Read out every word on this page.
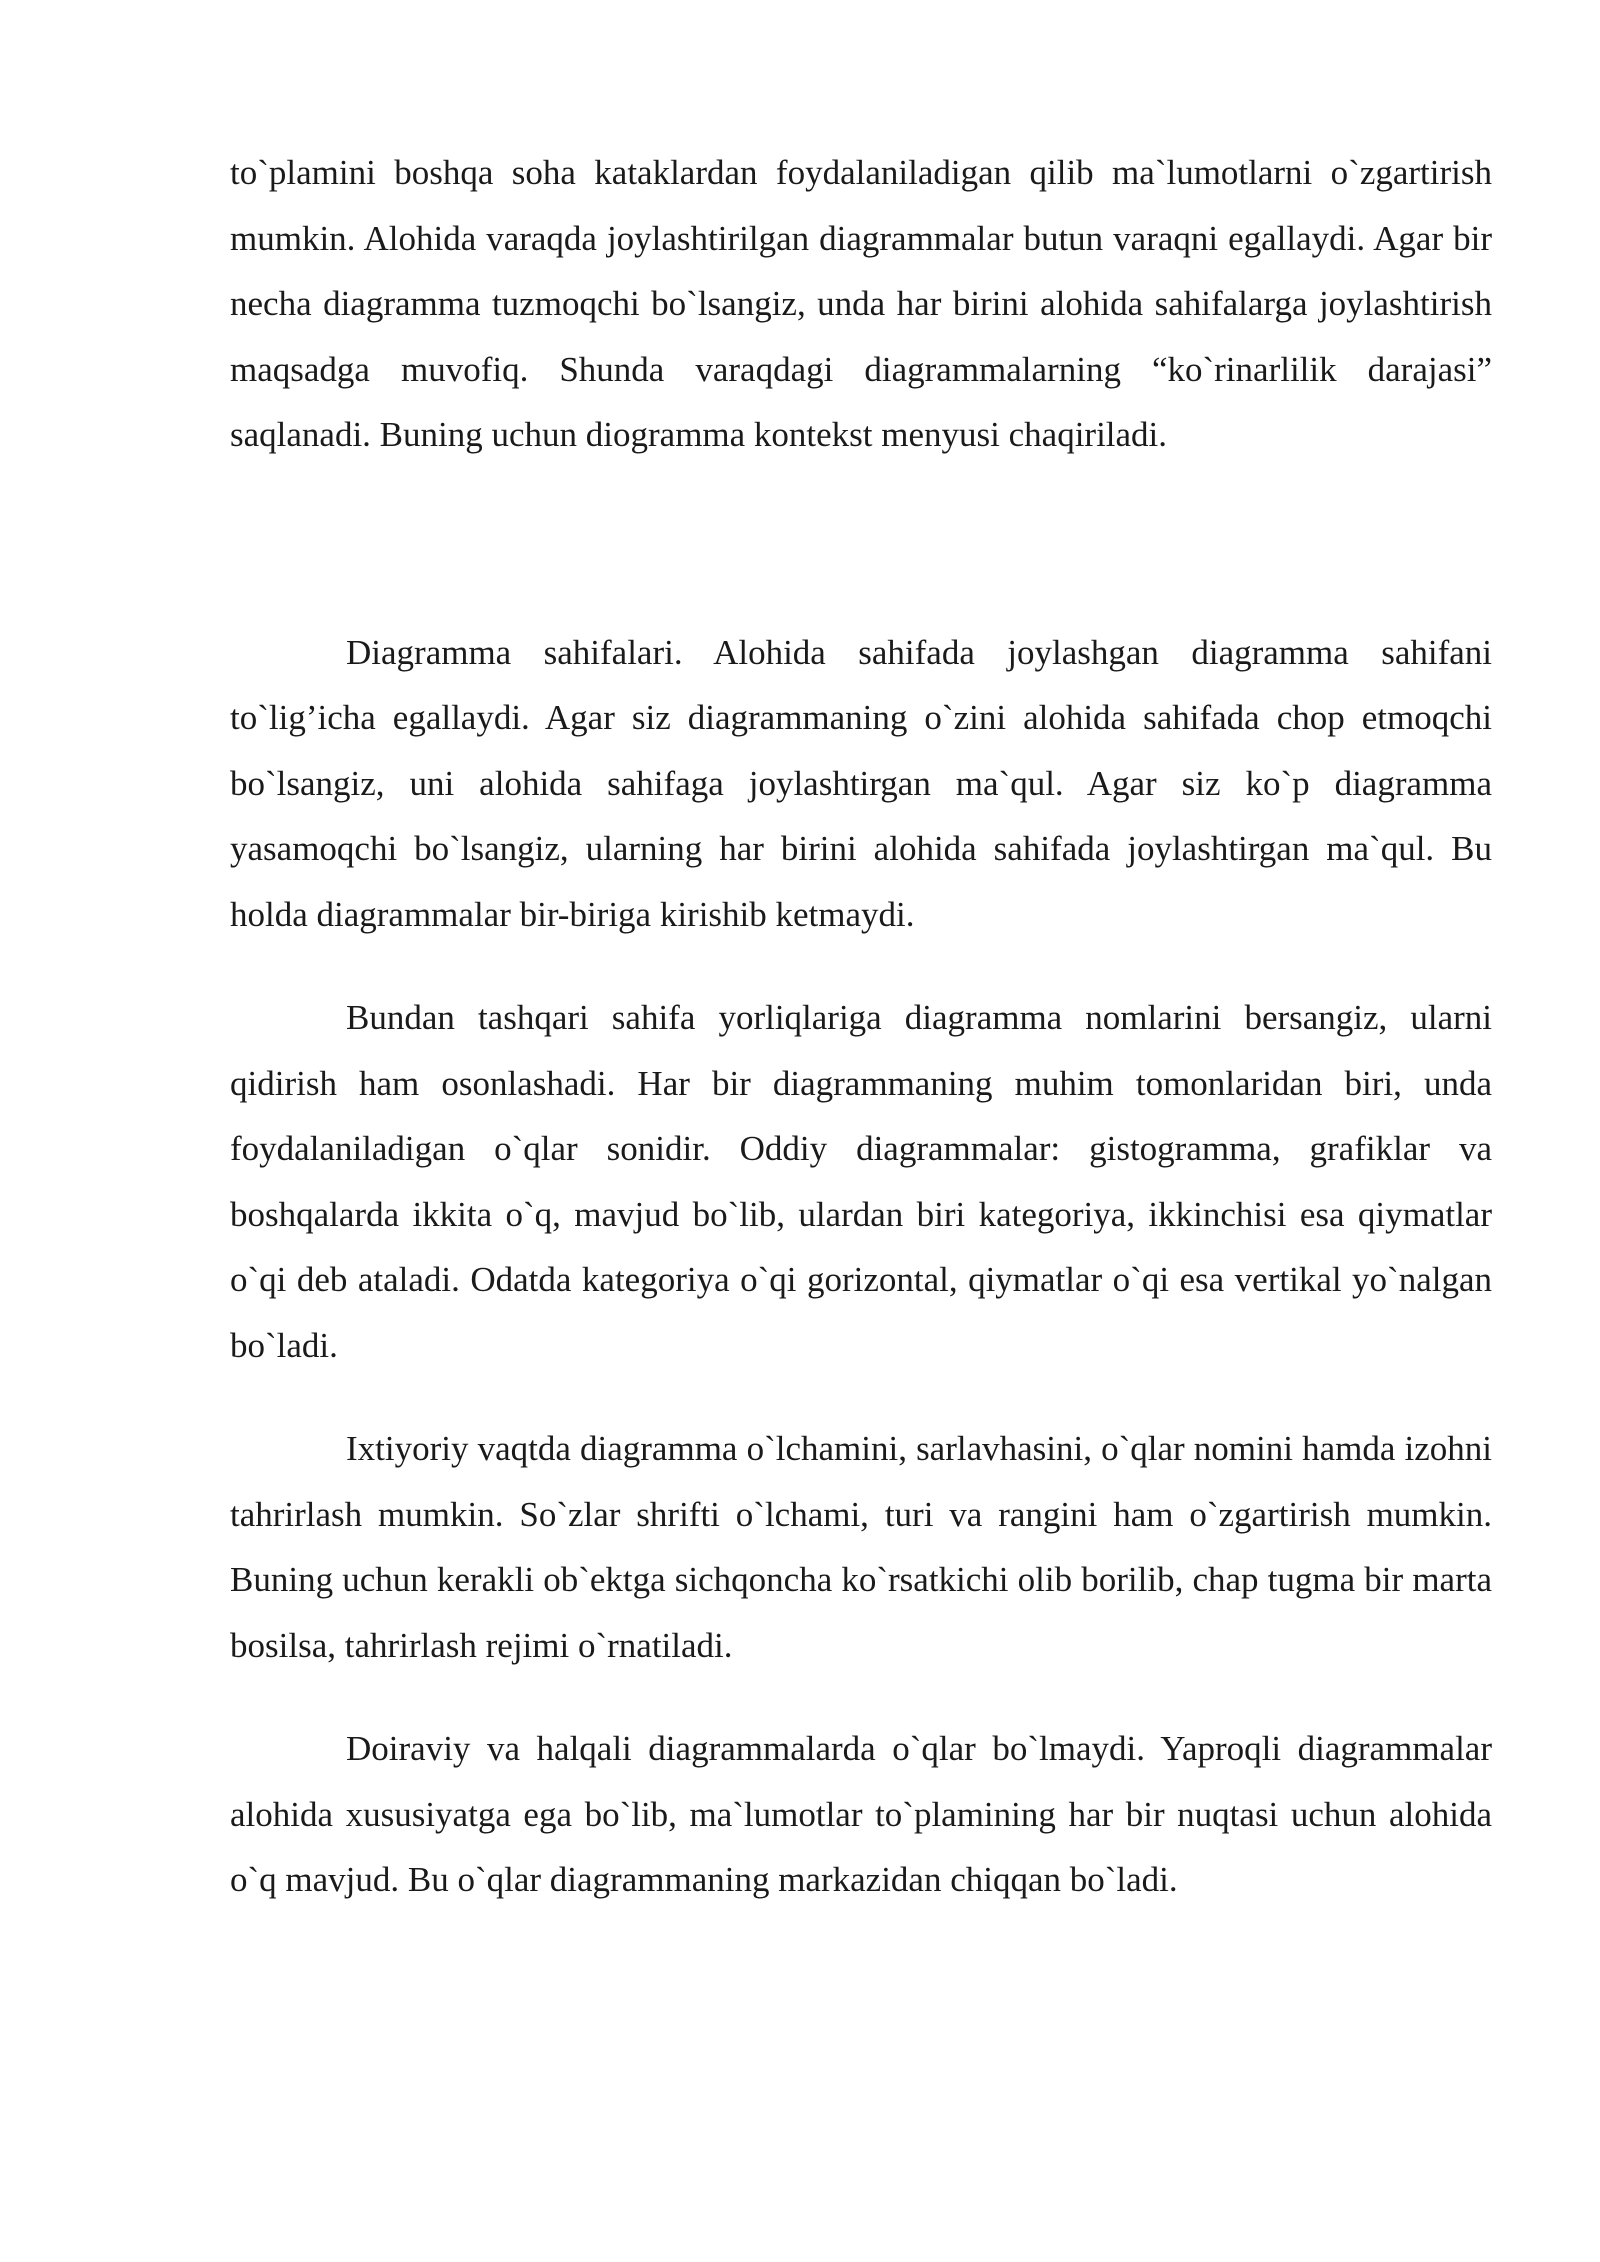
to`plamini boshqa soha kataklardan foydalaniladigan qilib ma`lumotlarni o`zgartirish mumkin. Alohida varaqda joylashtirilgan diagrammalar butun varaqni egallaydi. Agar bir necha diagramma tuzmoqchi bo`lsangiz, unda har birini alohida sahifalarga joylashtirish maqsadga muvofiq. Shunda varaqdagi diagrammalarning “ko`rinarlilik darajasi” saqlanadi. Buning uchun diogramma kontekst menyusi chaqiriladi.

Diagramma sahifalari. Alohida sahifada joylashgan diagramma sahifani to`lig’icha egallaydi. Agar siz diagrammaning o`zini alohida sahifada chop etmoqchi bo`lsangiz, uni alohida sahifaga joylashtirgan ma`qul. Agar siz ko`p diagramma yasamoqchi bo`lsangiz, ularning har birini alohida sahifada joylashtirgan ma`qul. Bu holda diagrammalar bir-biriga kirishib ketmaydi.

Bundan tashqari sahifa yorliqlariga diagramma nomlarini bersangiz, ularni qidirish ham osonlashadi. Har bir diagrammaning muhim tomonlaridan biri, unda foydalaniladigan o`qlar sonidir. Oddiy diagrammalar: gistogramma, grafiklar va boshqalarda ikkita o`q, mavjud bo`lib, ulardan biri kategoriya, ikkinchisi esa qiymatlar o`qi deb ataladi. Odatda kategoriya o`qi gorizontal, qiymatlar o`qi esa vertikal yo`nalgan bo`ladi.

Ixtiyoriy vaqtda diagramma o`lchamini, sarlavhasini, o`qlar nomini hamda izohni tahrirlash mumkin. So`zlar shrifti o`lchami, turi va rangini ham o`zgartirish mumkin. Buning uchun kerakli ob`ektga sichqoncha ko`rsatkichi olib borilib, chap tugma bir marta bosilsa, tahrirlash rejimi o`rnatiladi.

Doiraviy va halqali diagrammalarda o`qlar bo`lmaydi. Yaproqli diagrammalar alohida xususiyatga ega bo`lib, ma`lumotlar to`plamining har bir nuqtasi uchun alohida o`q mavjud. Bu o`qlar diagrammaning markazidan chiqqan bo`ladi.
